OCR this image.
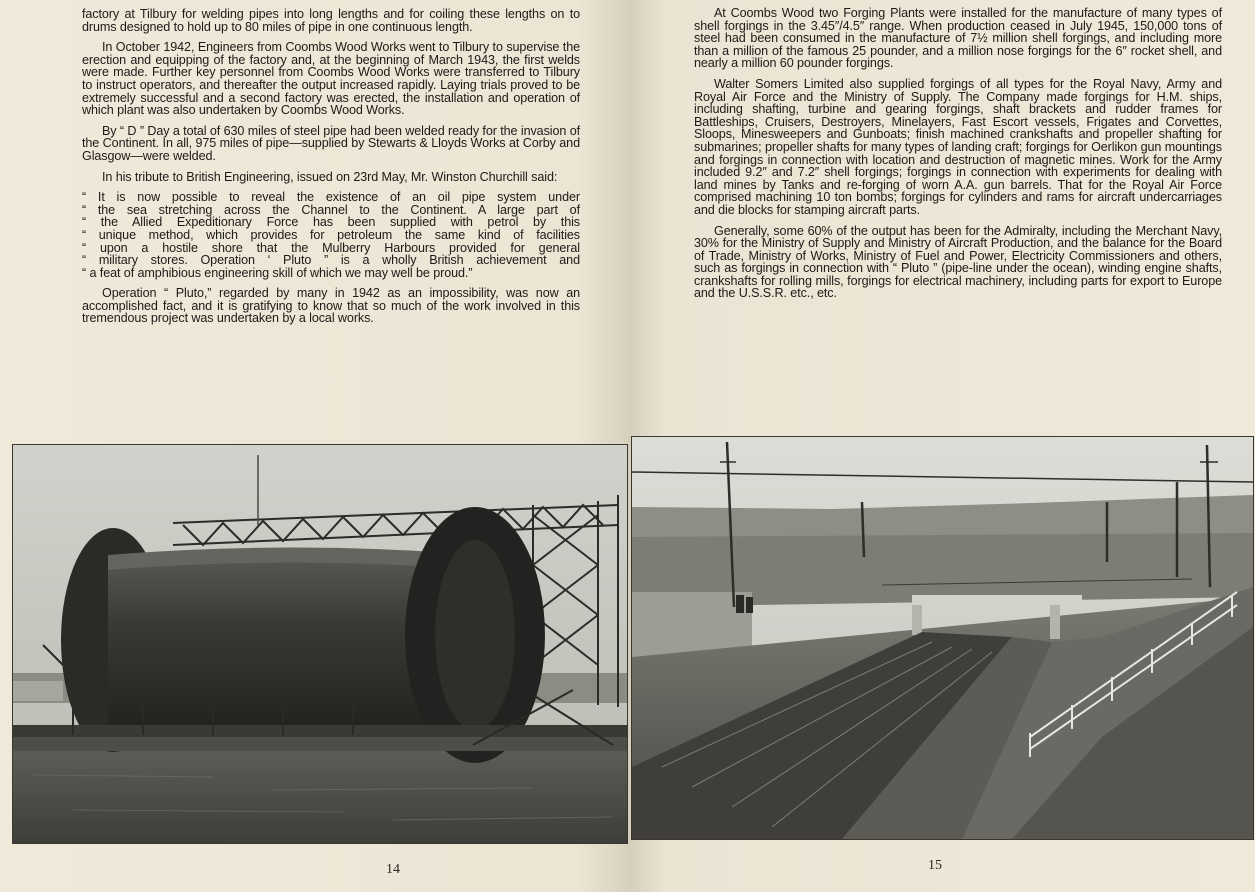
factory at Tilbury for welding pipes into long lengths and for coiling these lengths on to drums designed to hold up to 80 miles of pipe in one continuous length.

In October 1942, Engineers from Coombs Wood Works went to Tilbury to supervise the erection and equipping of the factory and, at the beginning of March 1943, the first welds were made. Further key personnel from Coombs Wood Works were transferred to Tilbury to instruct operators, and thereafter the output increased rapidly. Laying trials proved to be extremely successful and a second factory was erected, the installation and operation of which plant was also undertaken by Coombs Wood Works.

By “ D ” Day a total of 630 miles of steel pipe had been welded ready for the invasion of the Continent. In all, 975 miles of pipe—supplied by Stewarts & Lloyds Works at Corby and Glasgow—were welded.

In his tribute to British Engineering, issued on 23rd May, Mr. Winston Churchill said:

“ It is now possible to reveal the existence of an oil pipe system under
“ the sea stretching across the Channel to the Continent. A large part of
“ the Allied Expeditionary Force has been supplied with petrol by this
“ unique method, which provides for petroleum the same kind of facilities
“ upon a hostile shore that the Mulberry Harbours provided for general
“ military stores. Operation ‘ Pluto ” is a wholly British achievement and
“ a feat of amphibious engineering skill of which we may well be proud.”

Operation “ Pluto,” regarded by many in 1942 as an impossibility, was now an accomplished fact, and it is gratifying to know that so much of the work involved in this tremendous project was undertaken by a local works.

14

At Coombs Wood two Forging Plants were installed for the manufacture of many types of shell forgings in the 3.45″/4.5″ range. When production ceased in July 1945, 150,000 tons of steel had been consumed in the manufacture of 7½ million shell forgings, and including more than a million of the famous 25 pounder, and a million nose forgings for the 6″ rocket shell, and nearly a million 60 pounder forgings.

Walter Somers Limited also supplied forgings of all types for the Royal Navy, Army and Royal Air Force and the Ministry of Supply. The Company made forgings for H.M. ships, including shafting, turbine and gearing forgings, shaft brackets and rudder frames for Battleships, Cruisers, Destroyers, Minelayers, Fast Escort vessels, Frigates and Corvettes, Sloops, Minesweepers and Gunboats; finish machined crankshafts and propeller shafting for submarines; propeller shafts for many types of landing craft; forgings for Oerlikon gun mountings and forgings in connection with location and destruction of magnetic mines. Work for the Army included 9.2″ and 7.2″ shell forgings; forgings in connection with experiments for dealing with land mines by Tanks and re-forging of worn A.A. gun barrels. That for the Royal Air Force comprised machining 10 ton bombs; forgings for cylinders and rams for aircraft undercarriages and die blocks for stamping aircraft parts.

Generally, some 60% of the output has been for the Admiralty, including the Merchant Navy, 30% for the Ministry of Supply and Ministry of Aircraft Production, and the balance for the Board of Trade, Ministry of Works, Ministry of Fuel and Power, Electricity Commissioners and others, such as forgings in connection with “ Pluto ” (pipe-line under the ocean), winding engine shafts, crankshafts for rolling mills, forgings for electrical machinery, including parts for export to Europe and the U.S.S.R. etc., etc.

15
